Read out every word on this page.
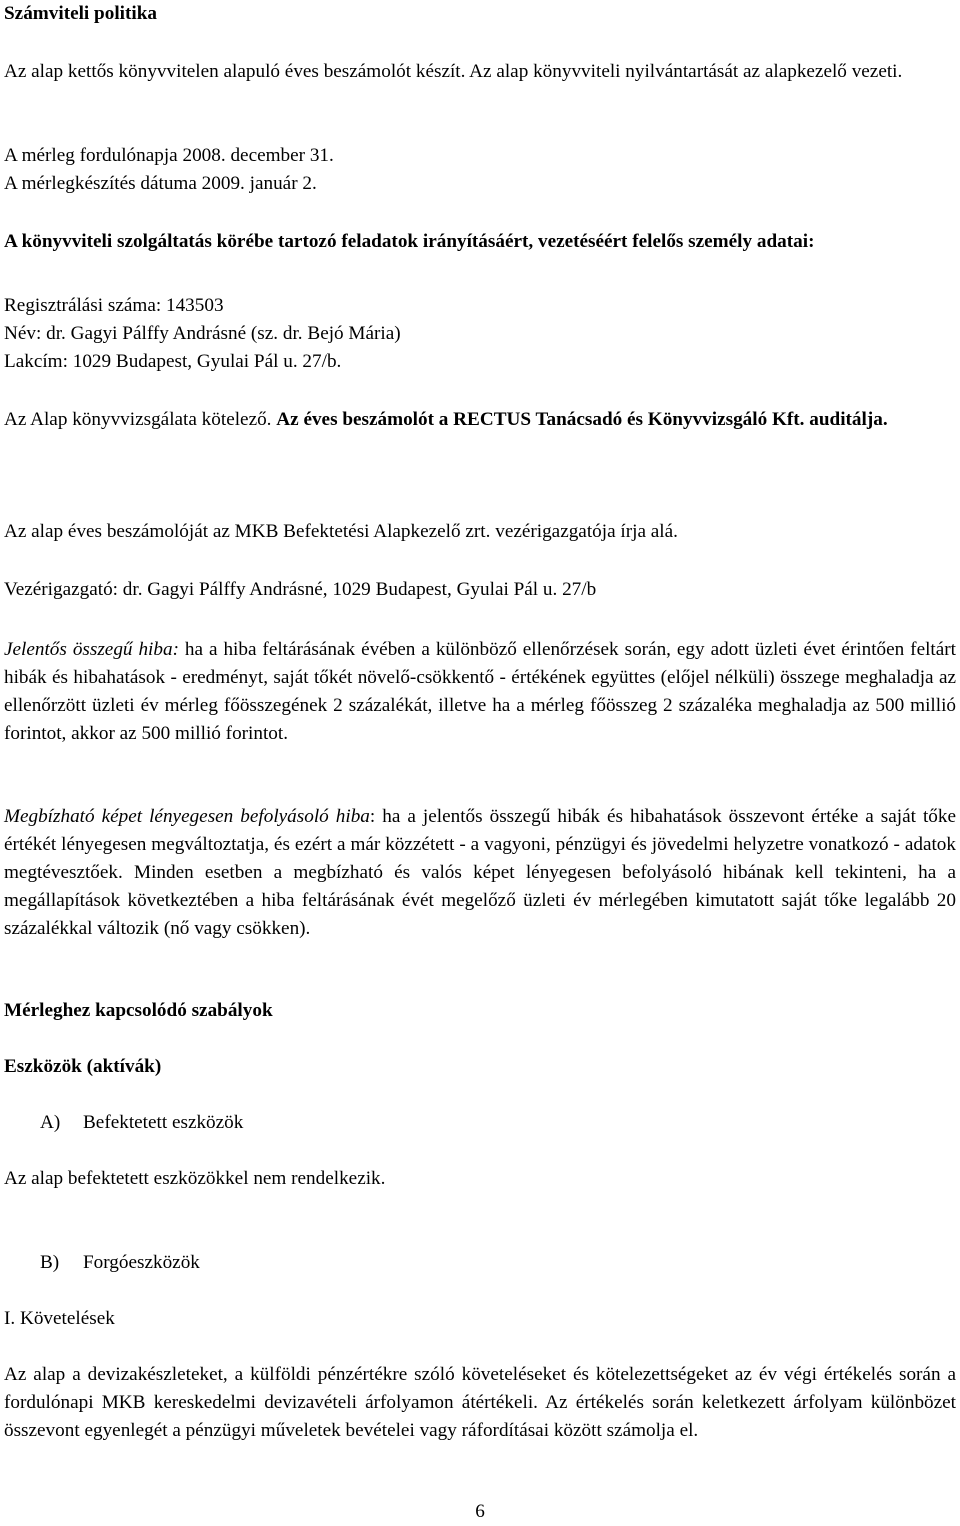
Számviteli politika
Az alap kettős könyvvitelen alapuló éves beszámolót készít. Az alap könyvviteli nyilvántartását az alapkezelő vezeti.

A mérleg fordulónapja 2008. december 31.

A mérlegkészítés dátuma 2009. január 2.

A könyvviteli szolgáltatás körébe tartozó feladatok irányításáért, vezetéséért felelős személy adatai:

Regisztrálási száma: 143503

Név: dr. Gagyi Pálffy Andrásné (sz. dr. Bejó Mária)

Lakcím: 1029 Budapest, Gyulai Pál u. 27/b.

Az Alap könyvvizsgálata kötelező. Az éves beszámolót a RECTUS Tanácsadó és Könyvvizsgáló Kft. auditálja.
Az alap éves beszámolóját az MKB Befektetési Alapkezelő zrt. vezérigazgatója írja alá.
Vezérigazgató: dr. Gagyi Pálffy Andrásné, 1029 Budapest, Gyulai Pál u. 27/b
Jelentős összegű hiba: ha a hiba feltárásának évében a különböző ellenőrzések során, egy adott üzleti évet érintően feltárt hibák és hibahatások - eredményt, saját tőkét növelő-csökkentő - értékének együttes (előjel nélküli) összege meghaladja az ellenőrzött üzleti év mérleg főösszegének 2 százalékát, illetve ha a mérleg főösszeg 2 százaléka meghaladja az 500 millió forintot, akkor az 500 millió forintot.
Megbízható képet lényegesen befolyásoló hiba: ha a jelentős összegű hibák és hibahatások összevont értéke a saját tőke értékét lényegesen megváltoztatja, és ezért a már közzétett - a vagyoni, pénzügyi és jövedelmi helyzetre vonatkozó - adatok megtévesztőek. Minden esetben a megbízható és valós képet lényegesen befolyásoló hibának kell tekinteni, ha a megállapítások következtében a hiba feltárásának évét megelőző üzleti év mérlegében kimutatott saját tőke legalább 20 százalékkal változik (nő vagy csökken).
Mérleghez kapcsolódó szabályok
Eszközök (aktívák)
A) Befektetett eszközök
Az alap befektetett eszközökkel nem rendelkezik.
B) Forgóeszközök
I. Követelések
Az alap a devizakészleteket, a külföldi pénzértékre szóló követeléseket és kötelezettségeket az év végi értékelés során a fordulónapi MKB kereskedelmi devizavételi árfolyamon átértékeli. Az értékelés során keletkezett árfolyam különbözet összevont egyenlegét a pénzügyi műveletek bevételei vagy ráfordításai között számolja el.
6
